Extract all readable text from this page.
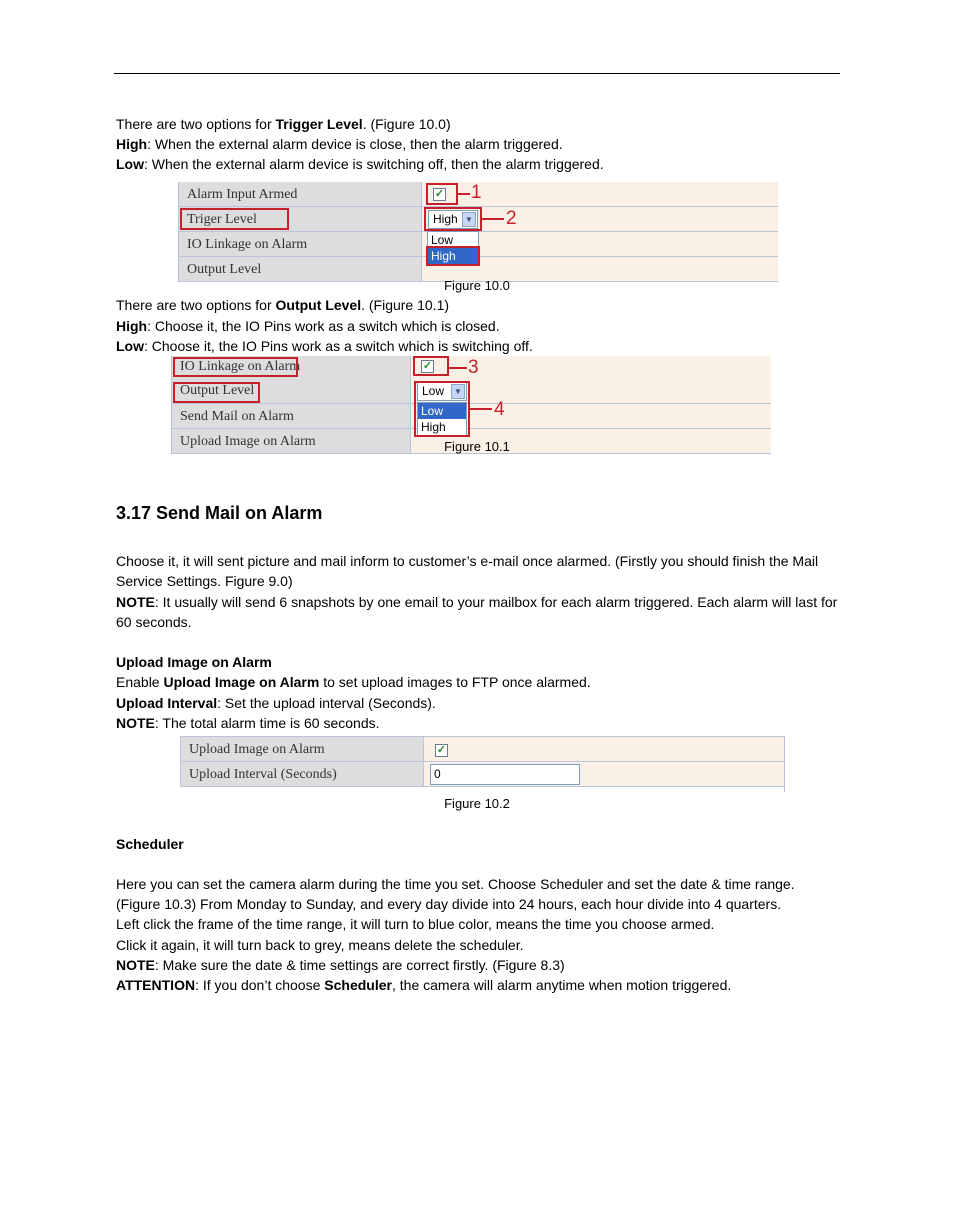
There are two options for Trigger Level. (Figure 10.0)

High: When the external alarm device is close, then the alarm triggered.

Low: When the external alarm device is switching off, then the alarm triggered.

Alarm Input Armed
Triger Level
IO Linkage on Alarm
Output Level
✓ 1
High ▼ 2
Low
High

Figure 10.0

There are two options for Output Level. (Figure 10.1)

High: Choose it, the IO Pins work as a switch which is closed.

Low: Choose it, the IO Pins work as a switch which is switching off.

IO Linkage on Alarm
Output Level
Send Mail on Alarm
Upload Image on Alarm
✓ 3
Low	▼
Low
High
4

Figure 10.1

3.17 Send Mail on Alarm

Choose it, it will sent picture and mail inform to customer’s e-mail once alarmed. (Firstly you should finish the Mail Service Settings. Figure 9.0)

NOTE: It usually will send 6 snapshots by one email to your mailbox for each alarm triggered. Each alarm will last for 60 seconds.

Upload Image on Alarm

Enable Upload Image on Alarm to set upload images to FTP once alarmed.

Upload Interval: Set the upload interval (Seconds).

NOTE: The total alarm time is 60 seconds.

Upload Image on Alarm
Upload Interval (Seconds)
✓
0

Figure 10.2

Scheduler

Here you can set the camera alarm during the time you set. Choose Scheduler and set the date & time range.

(Figure 10.3) From Monday to Sunday, and every day divide into 24 hours, each hour divide into 4 quarters.

Left click the frame of the time range, it will turn to blue color, means the time you choose armed.

Click it again, it will turn back to grey, means delete the scheduler.

NOTE: Make sure the date & time settings are correct firstly. (Figure 8.3)

ATTENTION: If you don’t choose Scheduler, the camera will alarm anytime when motion triggered.
